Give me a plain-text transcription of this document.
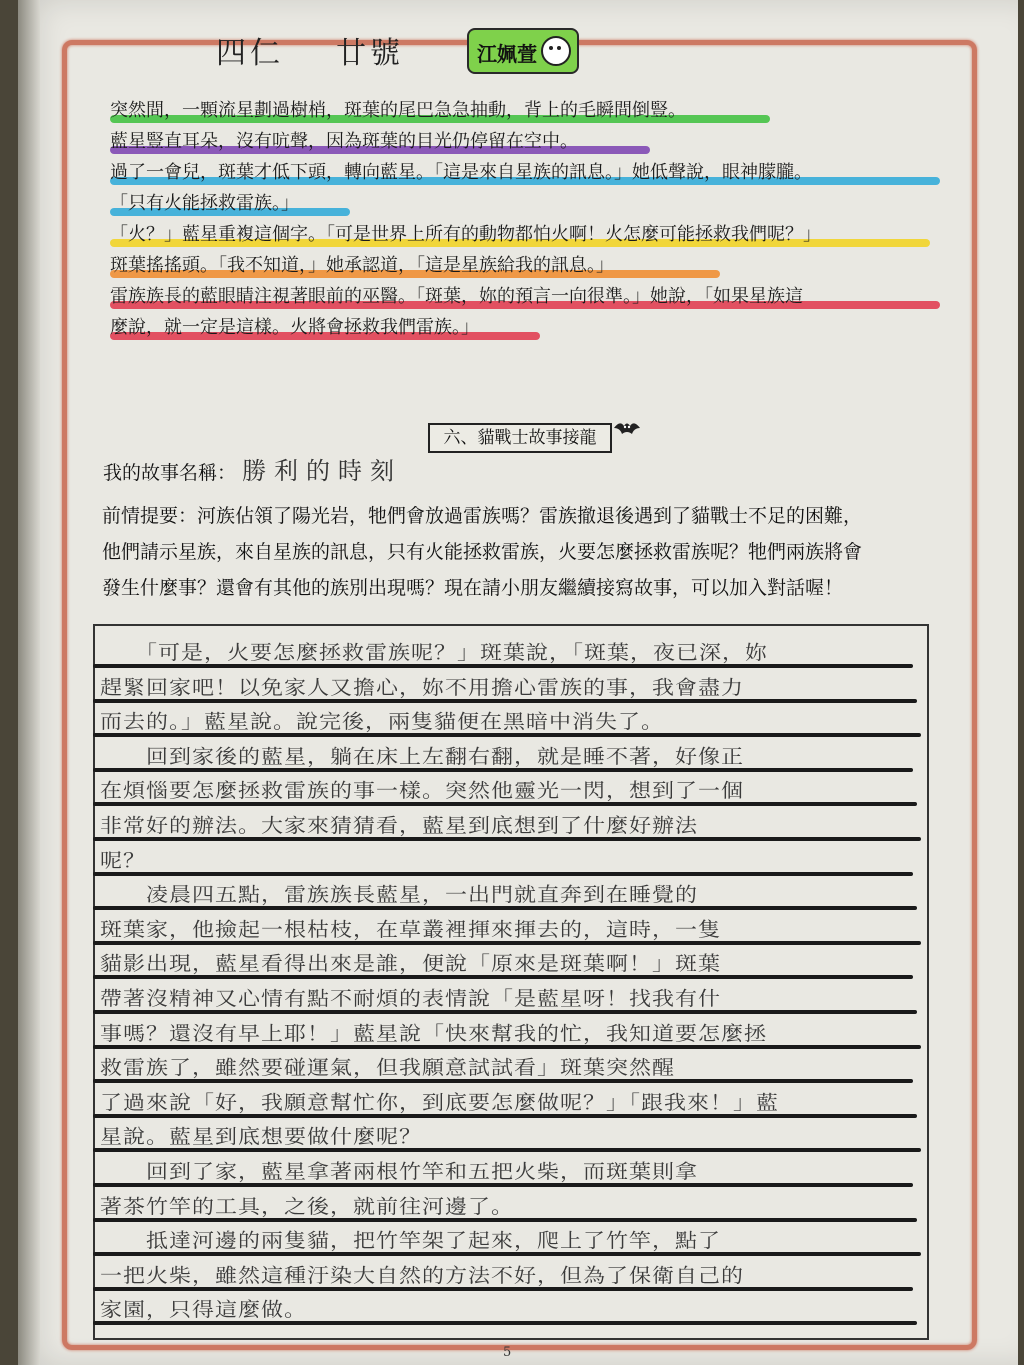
四仁 廿號	江姵萱
突然間，一顆流星劃過樹梢，斑葉的尾巴急急抽動，背上的毛瞬間倒豎。
藍星豎直耳朵，沒有吭聲，因為斑葉的目光仍停留在空中。
過了一會兒，斑葉才低下頭，轉向藍星。「這是來自星族的訊息。」她低聲說，眼神朦朧。
「只有火能拯救雷族。」
「火？」藍星重複這個字。「可是世界上所有的動物都怕火啊！火怎麼可能拯救我們呢？」
斑葉搖搖頭。「我不知道，」她承認道，「這是星族給我的訊息。」
雷族族長的藍眼睛注視著眼前的巫醫。「斑葉，妳的預言一向很準。」她說，「如果星族這
麼說，就一定是這樣。火將會拯救我們雷族。」
六、貓戰士故事接龍
我的故事名稱： 勝利的時刻
前情提要：河族佔領了陽光岩，牠們會放過雷族嗎？雷族撤退後遇到了貓戰士不足的困難，
他們請示星族，來自星族的訊息，只有火能拯救雷族，火要怎麼拯救雷族呢？牠們兩族將會
發生什麼事？還會有其他的族別出現嗎？現在請小朋友繼續接寫故事，可以加入對話喔！
　　「可是，火要怎麼拯救雷族呢？」斑葉說，「斑葉，夜已深，妳
趕緊回家吧！以免家人又擔心，妳不用擔心雷族的事，我會盡力
而去的。」藍星說。說完後，兩隻貓便在黑暗中消失了。
　　回到家後的藍星，躺在床上左翻右翻，就是睡不著，好像正
在煩惱要怎麼拯救雷族的事一樣。突然他靈光一閃，想到了一個
非常好的辦法。大家來猜猜看，藍星到底想到了什麼好辦法
呢？
　　凌晨四五點，雷族族長藍星，一出門就直奔到在睡覺的
斑葉家，他撿起一根枯枝，在草叢裡揮來揮去的，這時，一隻
貓影出現，藍星看得出來是誰，便說「原來是斑葉啊！」斑葉
帶著沒精神又心情有點不耐煩的表情說「是藍星呀！找我有什
事嗎？還沒有早上耶！」藍星說「快來幫我的忙，我知道要怎麼拯
救雷族了，雖然要碰運氣，但我願意試試看」斑葉突然醒
了過來說「好，我願意幫忙你，到底要怎麼做呢？」「跟我來！」藍
星說。藍星到底想要做什麼呢？
　　回到了家，藍星拿著兩根竹竿和五把火柴，而斑葉則拿
著茶竹竿的工具，之後，就前往河邊了。
　　抵達河邊的兩隻貓，把竹竿架了起來，爬上了竹竿，點了
一把火柴，雖然這種汙染大自然的方法不好，但為了保衛自己的
家園，只得這麼做。
5
